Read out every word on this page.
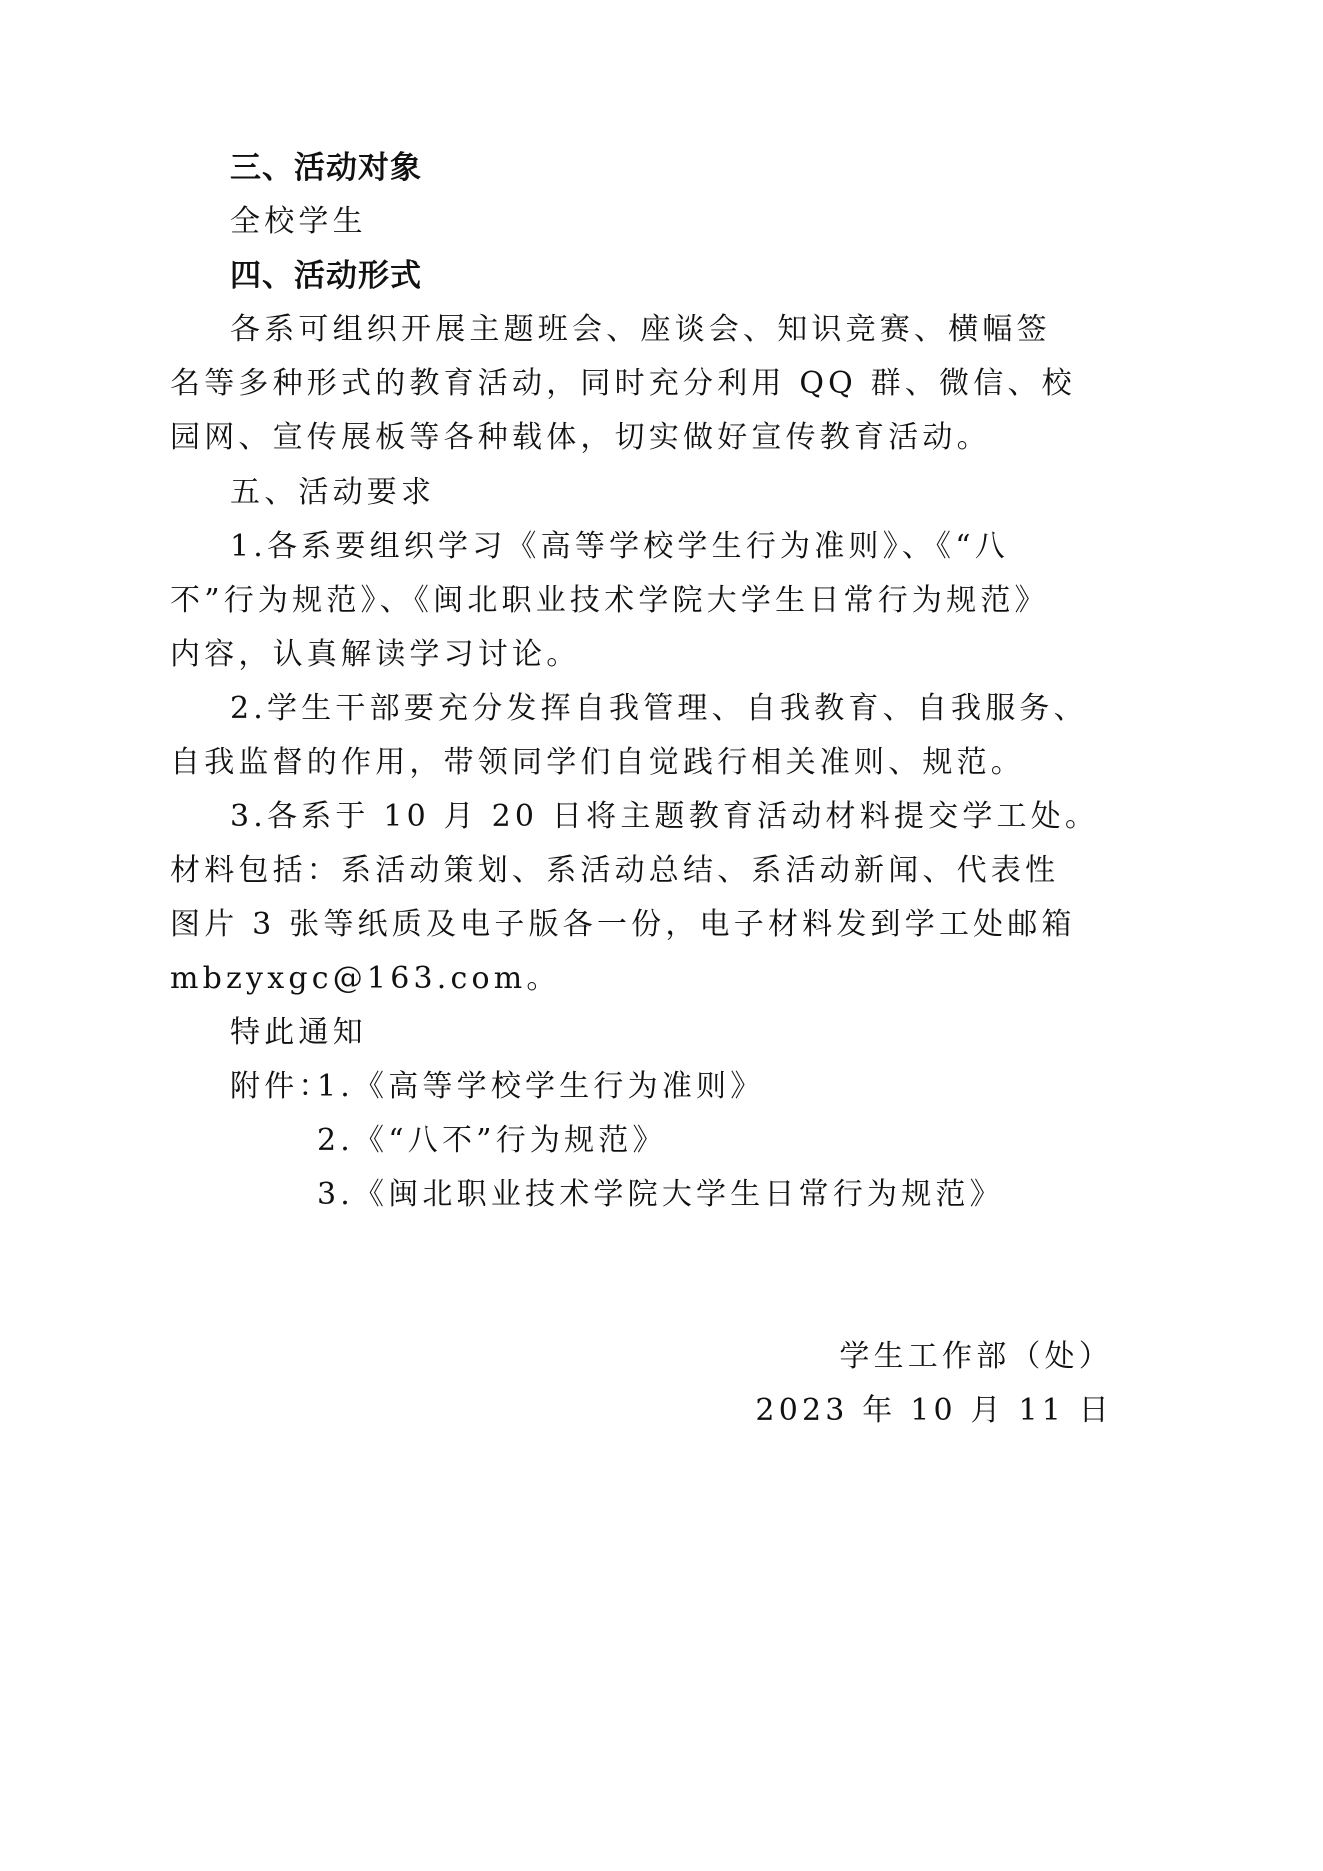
三、活动对象
全校学生
四、活动形式
各系可组织开展主题班会、座谈会、知识竞赛、横幅签
名等多种形式的教育活动，同时充分利用 QQ 群、微信、校
园网、宣传展板等各种载体，切实做好宣传教育活动。
五、活动要求
1.各系要组织学习《高等学校学生行为准则》、《“八
不”行为规范》、《闽北职业技术学院大学生日常行为规范》
内容，认真解读学习讨论。
2.学生干部要充分发挥自我管理、自我教育、自我服务、
自我监督的作用，带领同学们自觉践行相关准则、规范。
3.各系于 10 月 20 日将主题教育活动材料提交学工处。
材料包括：系活动策划、系活动总结、系活动新闻、代表性
图片 3 张等纸质及电子版各一份，电子材料发到学工处邮箱
mbzyxgc@163.com。
特此通知
附件：
1.《高等学校学生行为准则》
2.《“八不”行为规范》
3.《闽北职业技术学院大学生日常行为规范》
学生工作部（处）
2023 年 10 月 11 日
